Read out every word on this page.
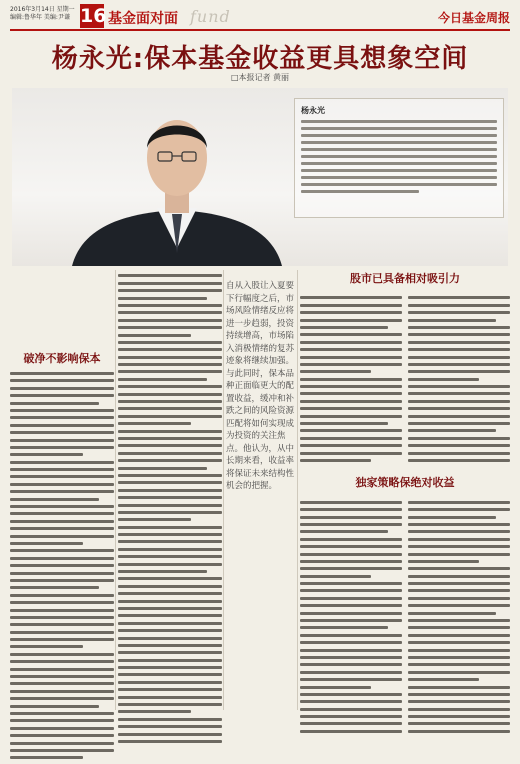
2016年3月14日 星期一
编辑:鲁华年 美编:尹谦 16 基金面对面 fund	今日基金周报
杨永光:保本基金收益更具想象空间
□本报记者 黄丽
杨永光
破净不影响保本
自从入股让入夏要下行幅度之后，市场风险情绪反应将进一步趋弱，投资持续增高，市场陷入消极情绪的复苏迹象将继续加强。与此同时，保本品种正面临更大的配置收益，缓冲和补跌之间的风险资源匹配将如何实现成为投资的关注焦点。他认为，从中长期来看，收益率将保证未来结构性机会的把握。
股市已具备相对吸引力
独家策略保绝对收益
